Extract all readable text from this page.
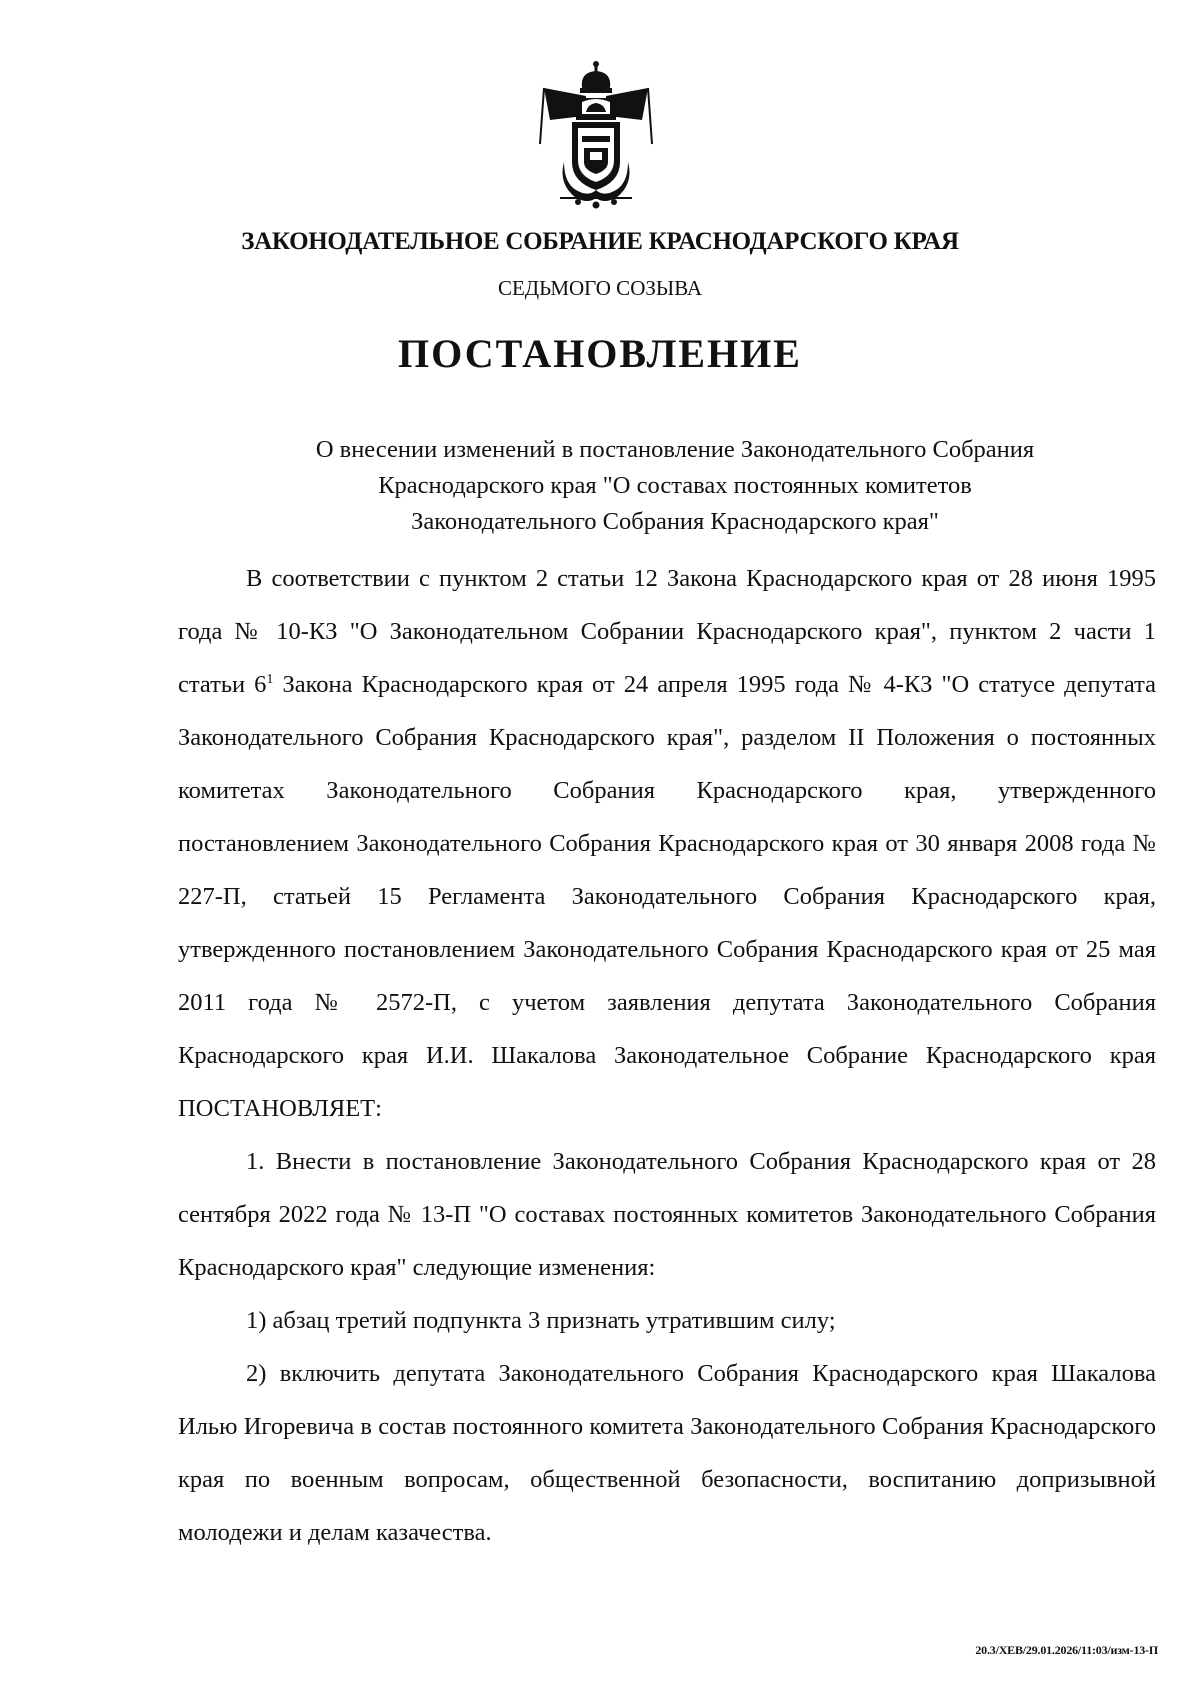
ЗАКОНОДАТЕЛЬНОЕ СОБРАНИЕ КРАСНОДАРСКОГО КРАЯ
СЕДЬМОГО СОЗЫВА
ПОСТАНОВЛЕНИЕ
О внесении изменений в постановление Законодательного Собрания
Краснодарского края "О составах постоянных комитетов
Законодательного Собрания Краснодарского края"

В соответствии с пунктом 2 статьи 12 Закона Краснодарского края от 28 июня 1995 года № 10-КЗ "О Законодательном Собрании Краснодарского края", пунктом 2 части 1 статьи $6^1$ Закона Краснодарского края от 24 апреля 1995 года № 4-КЗ "О статусе депутата Законодательного Собрания Краснодарского края", разделом II Положения о постоянных комитетах Законодательного Собрания Краснодарского края, утвержденного постановлением Законодательного Собрания Краснодарского края от 30 января 2008 года № 227-П, статьей 15 Регламента Законодательного Собрания Краснодарского края, утвержденного постановлением Законодательного Собрания Краснодарского края от 25 мая 2011 года № 2572-П, с учетом заявления депутата Законодательного Собрания Краснодарского края И.И. Шакалова Законодательное Собрание Краснодарского края ПОСТАНОВЛЯЕТ:

1. Внести в постановление Законодательного Собрания Краснодарского края от 28 сентября 2022 года № 13-П "О составах постоянных комитетов Законодательного Собрания Краснодарского края" следующие изменения:

1) абзац третий подпункта 3 признать утратившим силу;

2) включить депутата Законодательного Собрания Краснодарского края Шакалова Илью Игоревича в состав постоянного комитета Законодательного Собрания Краснодарского края по военным вопросам, общественной безопасности, воспитанию допризывной молодежи и делам казачества.

20.3/ХЕВ/29.01.2026/11:03/изм-13-П
